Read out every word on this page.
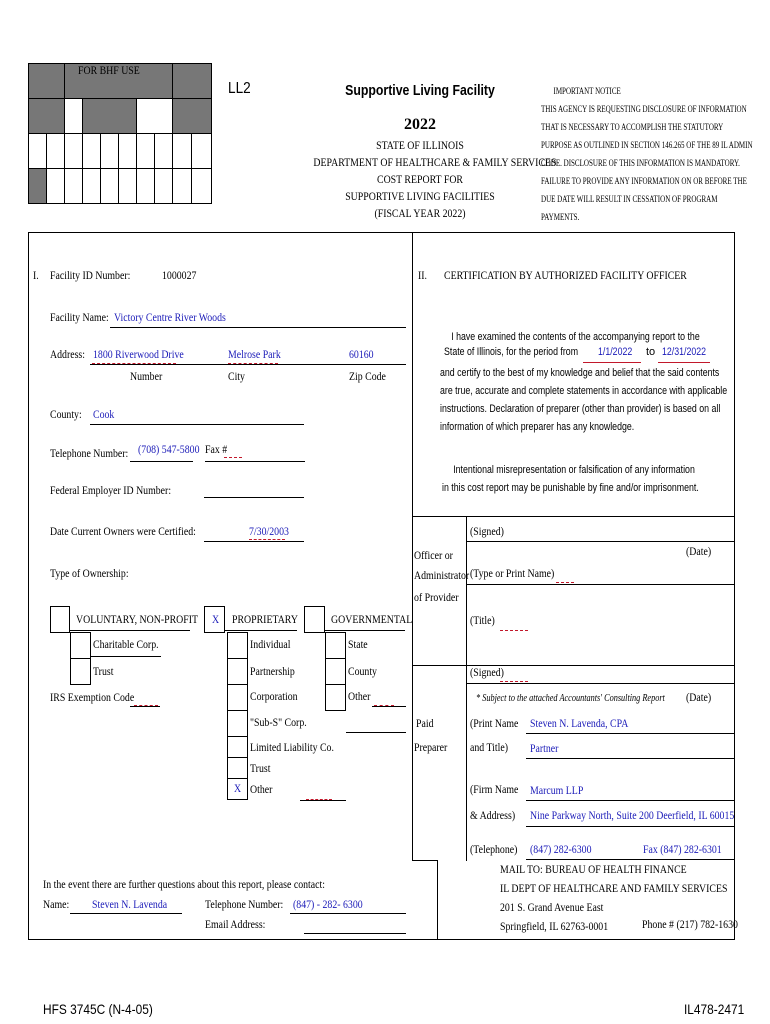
FOR BHF USE
LL2	Supportive Living Facility
2022
STATE OF ILLINOIS
DEPARTMENT OF HEALTHCARE & FAMILY SERVICES
COST REPORT FOR
SUPPORTIVE LIVING FACILITIES
(FISCAL YEAR 2022)
IMPORTANT NOTICE
THIS AGENCY IS REQUESTING DISCLOSURE OF INFORMATION
THAT IS NECESSARY TO ACCOMPLISH THE STATUTORY
PURPOSE AS OUTLINED IN SECTION 146.265 OF THE 89 IL ADMIN
CODE. DISCLOSURE OF THIS INFORMATION IS MANDATORY.
FAILURE TO PROVIDE ANY INFORMATION ON OR BEFORE THE
DUE DATE WILL RESULT IN CESSATION OF PROGRAM
PAYMENTS.
I. Facility ID Number:	1000027
Facility Name: Victory Centre River Woods
Address: 1800 Riverwood Drive	Melrose Park	60160
Number	City	Zip Code
County: Cook
Telephone Number: (708) 547-5800 Fax #
Federal Employer ID Number:
Date Current Owners were Certified:	7/30/2003
Type of Ownership:
VOLUNTARY, NON-PROFIT X PROPRIETARY	GOVERNMENTAL
Charitable Corp.
Trust
IRS Exemption Code
Individual
Partnership
Corporation
"Sub-S" Corp.
Limited Liability Co.
Trust
X Other
State
County
Other
II. CERTIFICATION BY AUTHORIZED FACILITY OFFICER
I have examined the contents of the accompanying report to the
and certify to the best of my knowledge and belief that the said contents
are true, accurate and complete statements in accordance with applicable
instructions. Declaration of preparer (other than provider) is based on all
information of which preparer has any knowledge.
State of Illinois, for the period from 1/1/2022 to 12/31/2022
Intentional misrepresentation or falsification of any information
in this cost report may be punishable by fine and/or imprisonment.
(Signed)
(Date)
Officer or
Administrator
of Provider
(Type or Print Name)
(Title)
(Signed)
* Subject to the attached Accountants' Consulting Report (Date)
Paid
Preparer
(Print Name Steven N. Lavenda, CPA
and Title) Partner
(Firm Name Marcum LLP
& Address) Nine Parkway North, Suite 200 Deerfield, IL 60015
(Telephone) (847) 282-6300	Fax (847) 282-6301
MAIL TO: BUREAU OF HEALTH FINANCE
IL DEPT OF HEALTHCARE AND FAMILY SERVICES
201 S. Grand Avenue East
Springfield, IL 62763-0001	Phone # (217) 782-1630
In the event there are further questions about this report, please contact:
Name: Steven N. Lavenda	Telephone Number: (847) - 282- 6300
Email Address:
HFS 3745C (N-4-05)	IL478-2471
